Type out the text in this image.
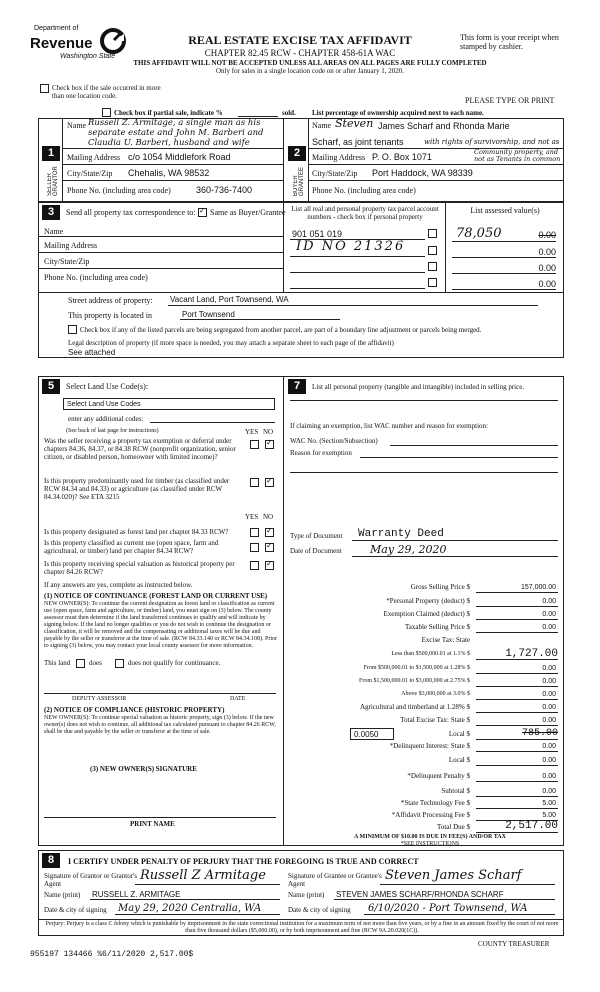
Department of
Revenue
Washington State
REAL ESTATE EXCISE TAX AFFIDAVIT
CHAPTER 82.45 RCW - CHAPTER 458-61A WAC
THIS AFFIDAVIT WILL NOT BE ACCEPTED UNLESS ALL AREAS ON ALL PAGES ARE FULLY COMPLETED
Only for sales in a single location code on or after January 1, 2020.
This form is your receipt when stamped by cashier.
PLEASE TYPE OR PRINT
Check box if the sale occurred in more than one location code.
Check box if partial sale, indicate %	sold. List percentage of ownership acquired next to each name.
1
SELLER GRANTOR
Name Russell Z. Armitage, a single man as his separate estate and John M. Barberi and Claudia U. Barberi, husband and wife
Mailing Address c/o 1054 Middlefork Road
City/State/Zip Chehalis, WA 98532
Phone No. (including area code)	360-736-7400
2
BUYER GRANTEE
Name Steven James Scharf and Rhonda Marie
Scharf, as joint tenants	with rights of survivorship, and not as
Mailing Address P. O. Box 1071	Community property, and not as Tenants in common
City/State/Zip Port Haddock, WA 98339
Phone No. (including area code)
3	Send all property tax correspondence to:
✓ Same as Buyer/Grantee List all real and personal property tax parcel account numbers - check box if personal property
List assessed value(s)
Name
Mailing Address
City/State/Zip
Phone No. (including area code)
901 051 019
ID NO 21326
78,050	0.00
0.00
0.00
0.00
Street address of property: Vacant Land, Port Townsend, WA
This property is located in	Port Townsend
Check box if any of the listed parcels are being segregated from another parcel, are part of a boundary line adjustment or parcels being merged.
Legal description of property (if more space is needed, you may attach a separate sheet to each page of the affidavit)
See attached
5	Select Land Use Code(s):
Select Land Use Codes
enter any additional codes:
(See back of last page for instructions)	YES NO
Was the seller receiving a property tax exemption or deferral under chapters 84.36, 84.37, or 84.38 RCW (nonprofit organization, senior citizen, or disabled person, homeowner with limited income)?
✓
Is this property predominantly used for timber (as classified under RCW 84.34 and 84.33) or agriculture (as classified under RCW 84.34.020)? See ETA 3215
✓
YES NO
Is this property designated as forest land per chapter 84.33 RCW?
✓
Is this property classified as current use (open space, farm and agricultural, or timber) land per chapter 84.34 RCW?
✓
Is this property receiving special valuation as historical property per chapter 84.26 RCW?
✓
If any answers are yes, complete as instructed below.
(1) NOTICE OF CONTINUANCE (FOREST LAND OR CURRENT USE)
NEW OWNER(S): To continue the current designation as forest land or classification as current use (open space, farm and agriculture, or timber) land, you must sign on (3) below. The county assessor must then determine if the land transferred continues to qualify and will indicate by signing below. If the land no longer qualifies or you do not wish to continue the designation or classification, it will be removed and the compensating or additional taxes will be due and payable by the seller or transferor at the time of sale. (RCW 84.33.140 or RCW 84.34.108). Prior to signing (3) below, you may contact your local county assessor for more information.
This land	does	does not qualify for continuance.
DEPUTY ASSESSOR	DATE
(2) NOTICE OF COMPLIANCE (HISTORIC PROPERTY)
NEW OWNER(S): To continue special valuation as historic property, sign (3) below. If the new owner(s) does not wish to continue, all additional tax calculated pursuant to chapter 84.26 RCW, shall be due and payable by the seller or transferor at the time of sale.
(3) NEW OWNER(S) SIGNATURE
PRINT NAME
7	List all personal property (tangible and intangible) included in selling price.
If claiming an exemption, list WAC number and reason for exemption:
WAC No. (Section/Subsection)
Reason for exemption
Type of Document Warranty Deed
Date of Document	May 29, 2020
Gross Selling Price $	157,000.00
*Personal Property (deduct) $	0.00
Exemption Claimed (deduct) $	0.00
Taxable Selling Price $	0.00
Excise Tax: State
Less than $500,000.01 at 1.1% $	1,727.00
From $500,000.01 to $1,500,000 at 1.28% $	0.00
From $1,500,000.01 to $3,000,000 at 2.75% $	0.00
Above $3,000,000 at 3.0% $	0.00
Agricultural and timberland at 1.28% $	0.00
Total Excise Tax: State $	0.00
0.0050	Local $	785.00
*Delinquent Interest: State $	0.00
Local $	0.00
*Delinquent Penalty $	0.00
Subtotal $	0.00
*State Technology Fee $	5.00
*Affidavit Processing Fee $	5.00
Total Due $	2,517.00
A MINIMUM OF $10.00 IS DUE IN FEE(S) AND/OR TAX
*SEE INSTRUCTIONS
8	I CERTIFY UNDER PENALTY OF PERJURY THAT THE FOREGOING IS TRUE AND CORRECT
Signature of Grantor or Grantor's Agent
Russell Z Armitage	Signature of Grantee or Grantee's Agent
Steven James Scharf
Name (print) RUSSELL Z. ARMITAGE	Name (print) STEVEN JAMES SCHARF/RHONDA SCHARF
Date & city of signing May 29, 2020 Centralia, WA	Date & city of signing 6/10/2020 - Port Townsend, WA
Perjury: Perjury is a class C felony which is punishable by imprisonment in the state correctional institution for a maximum term of not more than five years, or by a fine in an amount fixed by the court of not more than five thousand dollars ($5,000.00), or by both imprisonment and fine (RCW 9A.20.020(1C)).
955197 134466 %6/11/2020 2,517.00$
COUNTY TREASURER
